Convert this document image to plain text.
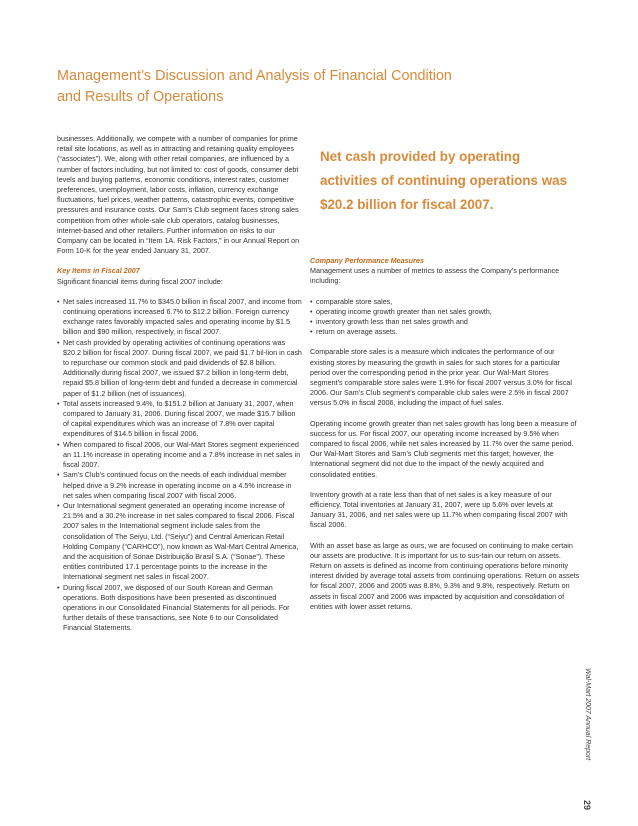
Management’s Discussion and Analysis of Financial Condition
and Results of Operations

businesses. Additionally, we compete with a number of companies for prime retail site locations, as well as in attracting and retaining quality employees (“associates”). We, along with other retail companies, are influenced by a number of factors including, but not limited to: cost of goods, consumer debt levels and buying patterns, economic conditions, interest rates, customer preferences, unemployment, labor costs, inflation, currency exchange fluctuations, fuel prices, weather patterns, catastrophic events, competitive pressures and insurance costs. Our Sam’s Club segment faces strong sales competition from other whole-sale club operators, catalog businesses, internet-based and other retailers. Further information on risks to our Company can be located in “Item 1A. Risk Factors,” in our Annual Report on Form 10-K for the year ended January 31, 2007.

Key Items in Fiscal 2007

Significant financial items during fiscal 2007 include:

• Net sales increased 11.7% to $345.0 billion in fiscal 2007, and income from continuing operations increased 6.7% to $12.2 billion. Foreign currency exchange rates favorably impacted sales and operating income by $1.5 billion and $90 million, respectively, in fiscal 2007.
• Net cash provided by operating activities of continuing operations was $20.2 billion for fiscal 2007. During fiscal 2007, we paid $1.7 bil-lion in cash to repurchase our common stock and paid dividends of $2.8 billion. Additionally during fiscal 2007, we issued $7.2 billion in long-term debt, repaid $5.8 billion of long-term debt and funded a decrease in commercial paper of $1.2 billion (net of issuances).
• Total assets increased 9.4%, to $151.2 billion at January 31, 2007, when compared to January 31, 2006. During fiscal 2007, we made $15.7 billion of capital expenditures which was an increase of 7.8% over capital expenditures of $14.5 billion in fiscal 2006.
• When compared to fiscal 2006, our Wal-Mart Stores segment experienced an 11.1% increase in operating income and a 7.8% increase in net sales in fiscal 2007.
• Sam’s Club’s continued focus on the needs of each individual member helped drive a 9.2% increase in operating income on a 4.5% increase in net sales when comparing fiscal 2007 with fiscal 2006.
• Our International segment generated an operating income increase of 21.5% and a 30.2% increase in net sales compared to fiscal 2006. Fiscal 2007 sales in the International segment include sales from the consolidation of The Seiyu, Ltd. (“Seiyu”) and Central American Retail Holding Company (“CARHCO”), now known as Wal-Mart Central America, and the acquisition of Sonae Distribuição Brasil S.A. (“Sonae”). These entities contributed 17.1 percentage points to the increase in the International segment net sales in fiscal 2007.
• During fiscal 2007, we disposed of our South Korean and German operations. Both dispositions have been presented as discontinued operations in our Consolidated Financial Statements for all periods. For further details of these transactions, see Note 6 to our Consolidated Financial Statements.
Net cash provided by operating activities of continuing operations was $20.2 billion for fiscal 2007.

Company Performance Measures

Management uses a number of metrics to assess the Company’s performance including:

• comparable store sales,
• operating income growth greater than net sales growth,
• inventory growth less than net sales growth and
• return on average assets.

Comparable store sales is a measure which indicates the performance of our existing stores by measuring the growth in sales for such stores for a particular period over the corresponding period in the prior year. Our Wal-Mart Stores segment’s comparable store sales were 1.9% for fiscal 2007 versus 3.0% for fiscal 2006. Our Sam’s Club segment’s comparable club sales were 2.5% in fiscal 2007 versus 5.0% in fiscal 2006, including the impact of fuel sales.

Operating income growth greater than net sales growth has long been a measure of success for us. For fiscal 2007, our operating income increased by 9.5% when compared to fiscal 2006, while net sales increased by 11.7% over the same period. Our Wal-Mart Stores and Sam’s Club segments met this target; however, the International segment did not due to the impact of the newly acquired and consolidated entities.

Inventory growth at a rate less than that of net sales is a key measure of our efficiency. Total inventories at January 31, 2007, were up 5.6% over levels at January 31, 2006, and net sales were up 11.7% when comparing fiscal 2007 with fiscal 2006.

With an asset base as large as ours, we are focused on continuing to make certain our assets are productive. It is important for us to sus-tain our return on assets. Return on assets is defined as income from continuing operations before minority interest divided by average total assets from continuing operations. Return on assets for fiscal 2007, 2006 and 2005 was 8.8%, 9.3% and 9.8%, respectively. Return on assets in fiscal 2007 and 2006 was impacted by acquisition and consolidation of entities with lower asset returns.

Wal-Mart 2007 Annual Report
29
